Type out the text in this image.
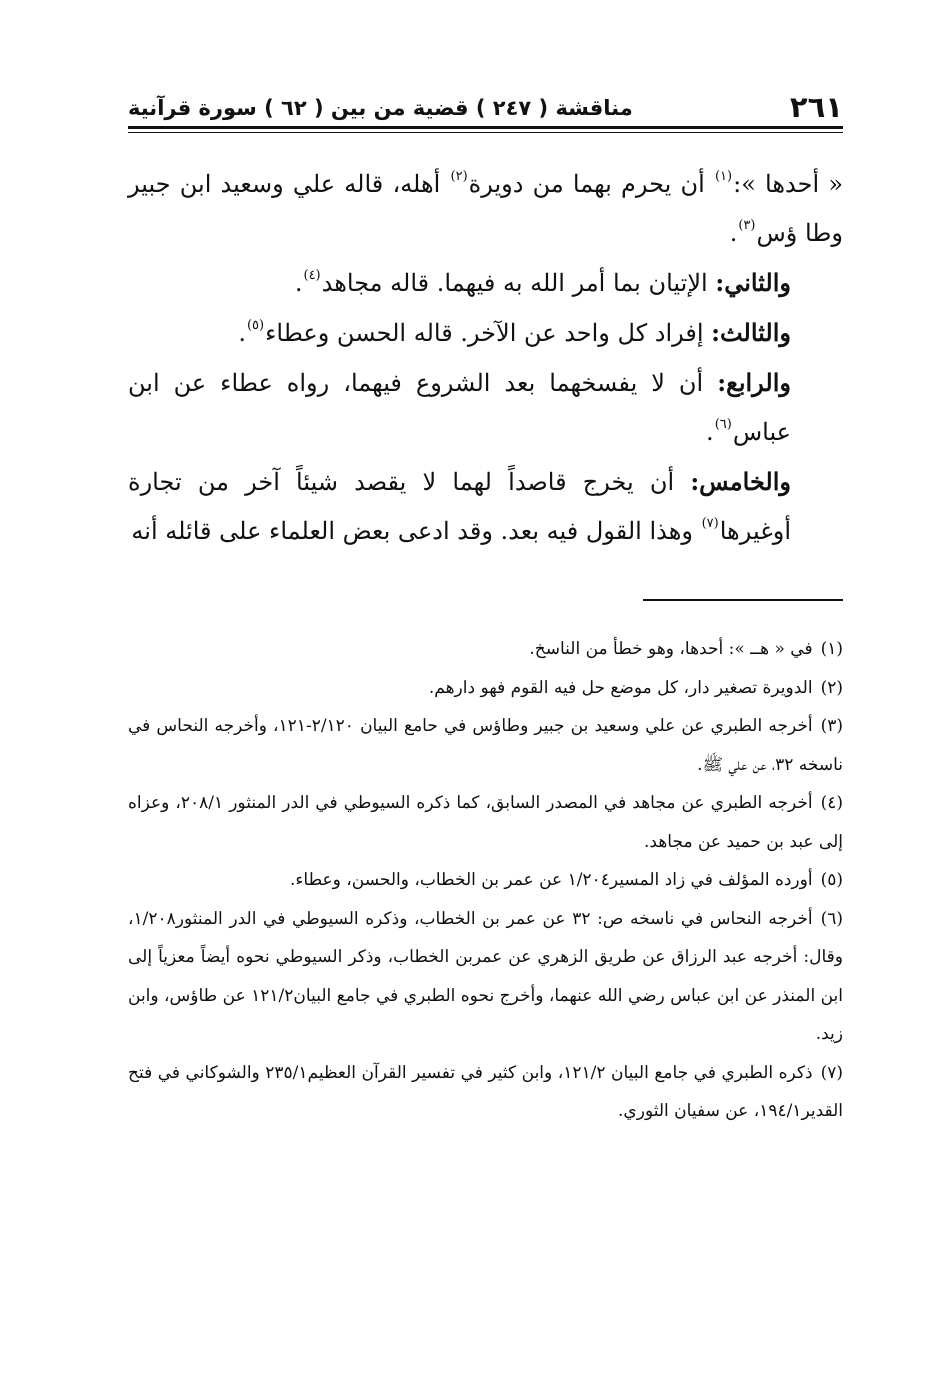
٢٦١
مناقشة ( ٢٤٧ ) قضية من بين ( ٦٢ ) سورة قرآنية

« أحدها »:$^{(١)}$ أن يحرم بهما من دويرة$^{(٢)}$ أهله، قاله علي وسعيد ابن جبير وطا ؤس$^{(٣)}$.

والثاني: الإتيان بما أمر الله به فيهما. قاله مجاهد$^{(٤)}$.

والثالث: إفراد كل واحد عن الآخر. قاله الحسن وعطاء$^{(٥)}$.

والرابع: أن لا يفسخهما بعد الشروع فيهما، رواه عطاء عن ابن عباس$^{(٦)}$.

والخامس: أن يخرج قاصداً لهما لا يقصد شيئاً آخر من تجارة أوغيرها$^{(٧)}$ وهذا القول فيه بعد. وقد ادعى بعض العلماء على قائله أنه

(١)في « هــ »: أحدها، وهو خطأ من الناسخ.

(٢)الدويرة تصغير دار، كل موضع حل فيه القوم فهو دارهم.

(٣)أخرجه الطبري عن علي وسعيد بن جبير وطاؤس في حامع البيان ٢/١٢٠-١٢١، وأخرجه النحاس في ناسخه ٣٢، عن علي ﷺ.

(٤)أخرجه الطبري عن مجاهد في المصدر السابق، كما ذكره السيوطي في الدر المنثور ٢٠٨/١، وعزاه إلى عبد بن حميد عن مجاهد.

(٥)أورده المؤلف في زاد المسير١/٢٠٤ عن عمر بن الخطاب، والحسن، وعطاء.

(٦)أخرجه النحاس في ناسخه ص: ٣٢ عن عمر بن الخطاب، وذكره السيوطي في الدر المنثور١/٢٠٨، وقال: أخرجه عبد الرزاق عن طريق الزهري عن عمربن الخطاب، وذكر السيوطي نحوه أيضاً معزياً إلى ابن المنذر عن ابن عباس رضي الله عنهما، وأخرج نحوه الطبري في جامع البيان١٢١/٢ عن طاؤس، وابن زيد.

(٧)ذكره الطبري في جامع البيان ١٢١/٢، وابن كثير في تفسير القرآن العظيم٢٣٥/١ والشوكاني في فتح القدير١٩٤/١، عن سفيان الثوري.
